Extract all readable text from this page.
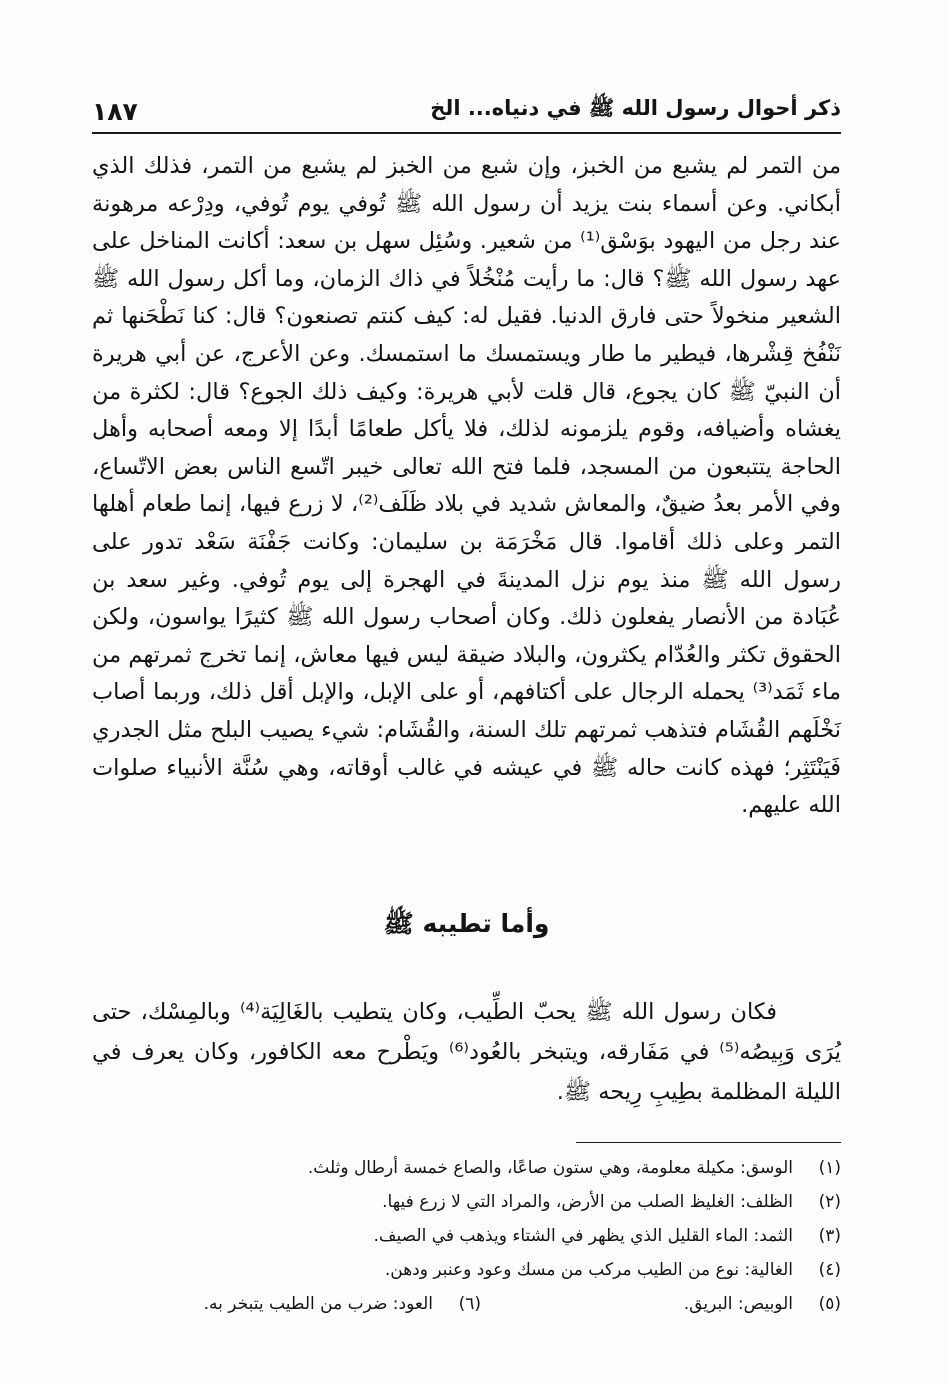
ذكر أحوال رسول الله ﷺ في دنياه... الخ
١٨٧

من التمر لم يشبع من الخبز، وإن شبع من الخبز لم يشبع من التمر، فذلك الذي أبكاني. وعن أسماء بنت يزيد أن رسول الله ﷺ تُوفي يوم تُوفي، ودِرْعه مرهونة عند رجل من اليهود بوَسْق⁽¹⁾ من شعير. وسُئِل سهل بن سعد: أكانت المناخل على عهد رسول الله ﷺ؟ قال: ما رأيت مُنْخُلاً في ذاك الزمان، وما أكل رسول الله ﷺ الشعير منخولاً حتى فارق الدنيا. فقيل له: كيف كنتم تصنعون؟ قال: كنا نَطْحَنها ثم نَنْفُخ قِشْرها، فيطير ما طار ويستمسك ما استمسك. وعن الأعرج، عن أبي هريرة أن النبيّ ﷺ كان يجوع، قال قلت لأبي هريرة: وكيف ذلك الجوع؟ قال: لكثرة من يغشاه وأضيافه، وقوم يلزمونه لذلك، فلا يأكل طعامًا أبدًا إلا ومعه أصحابه وأهل الحاجة يتتبعون من المسجد، فلما فتح الله تعالى خيبر اتّسع الناس بعض الاتّساع، وفي الأمر بعدُ ضيقٌ، والمعاش شديد في بلاد ظَلَف⁽²⁾، لا زرع فيها، إنما طعام أهلها التمر وعلى ذلك أقاموا. قال مَخْرَمَة بن سليمان: وكانت جَفْنَة سَعْد تدور على رسول الله ﷺ منذ يوم نزل المدينةَ في الهجرة إلى يوم تُوفي. وغير سعد بن عُبَادة من الأنصار يفعلون ذلك. وكان أصحاب رسول الله ﷺ كثيرًا يواسون، ولكن الحقوق تكثر والعُدّام يكثرون، والبلاد ضيقة ليس فيها معاش، إنما تخرج ثمرتهم من ماء ثَمَد⁽³⁾ يحمله الرجال على أكتافهم، أو على الإبل، والإبل أقل ذلك، وربما أصاب نَخْلَهم القُشَام فتذهب ثمرتهم تلك السنة، والقُشَام: شيء يصيب البلح مثل الجدري فَيَنْتَثِر؛ فهذه كانت حاله ﷺ في عيشه في غالب أوقاته، وهي سُنَّة الأنبياء صلوات الله عليهم.

وأما تطيبه ﷺ

فكان رسول الله ﷺ يحبّ الطِّيب، وكان يتطيب بالغَالِيَة⁽⁴⁾ وبالمِسْك، حتى يُرَى وَبِيصُه⁽⁵⁾ في مَفَارقه، ويتبخر بالعُود⁽⁶⁾ ويَطْرح معه الكافور، وكان يعرف في الليلة المظلمة بطِيبِ رِيحه ﷺ.

(١)
الوسق: مكيلة معلومة، وهي ستون صاعًا، والصاع خمسة أرطال وثلث.
(٢)
الظلف: الغليظ الصلب من الأرض، والمراد التي لا زرع فيها.
(٣)
الثمد: الماء القليل الذي يظهر في الشتاء ويذهب في الصيف.
(٤)
الغالية: نوع من الطيب مركب من مسك وعود وعنبر ودهن.
(٥)
الوبيص: البريق.
(٦)
العود: ضرب من الطيب يتبخر به.
